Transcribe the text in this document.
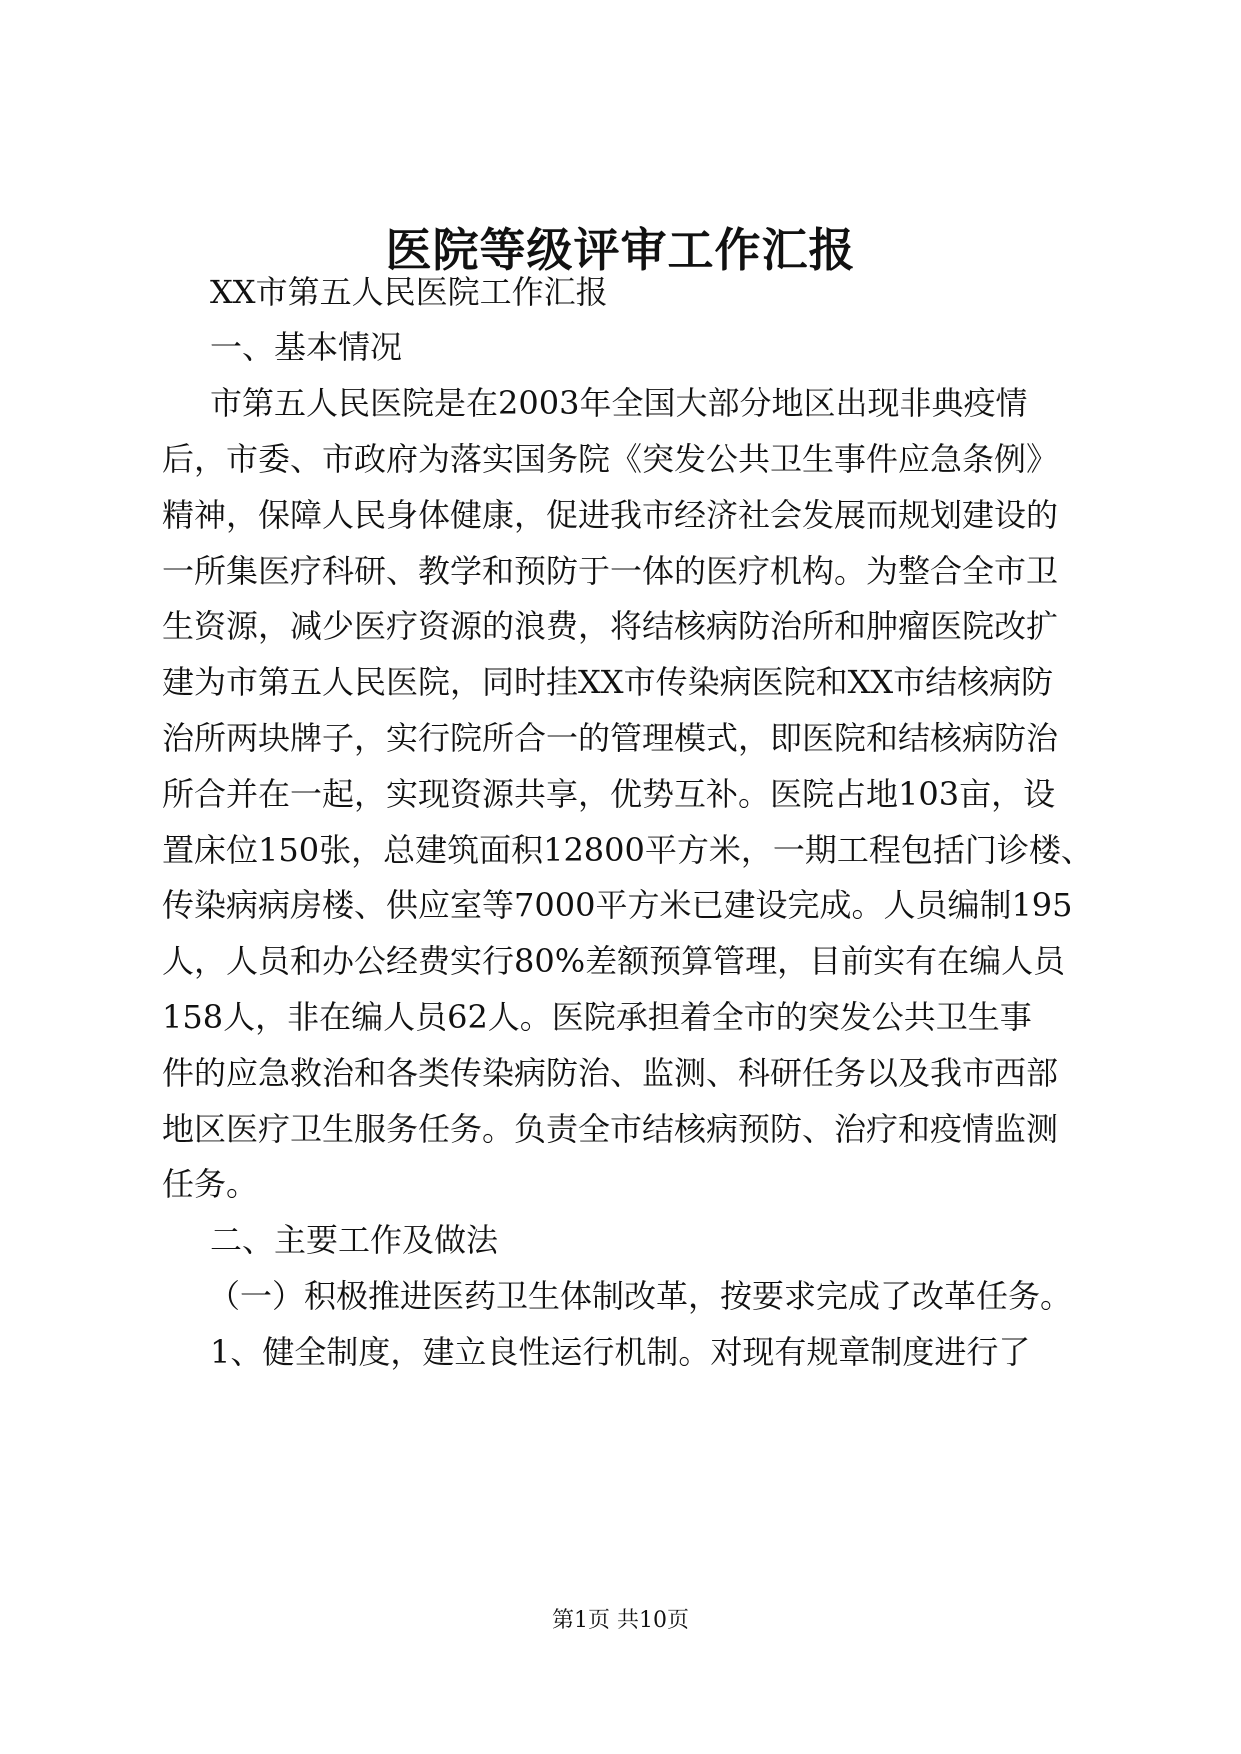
医院等级评审工作汇报

XX市第五人民医院工作汇报

一、基本情况

市第五人民医院是在2003年全国大部分地区出现非典疫情

后，市委、市政府为落实国务院《突发公共卫生事件应急条例》

精神，保障人民身体健康，促进我市经济社会发展而规划建设的

一所集医疗科研、教学和预防于一体的医疗机构。为整合全市卫

生资源，减少医疗资源的浪费，将结核病防治所和肿瘤医院改扩

建为市第五人民医院，同时挂XX市传染病医院和XX市结核病防

治所两块牌子，实行院所合一的管理模式，即医院和结核病防治

所合并在一起，实现资源共享，优势互补。医院占地103亩，设

置床位150张，总建筑面积12800平方米，一期工程包括门诊楼、

传染病病房楼、供应室等7000平方米已建设完成。人员编制195

人，人员和办公经费实行80%差额预算管理，目前实有在编人员

158人，非在编人员62人。医院承担着全市的突发公共卫生事

件的应急救治和各类传染病防治、监测、科研任务以及我市西部

地区医疗卫生服务任务。负责全市结核病预防、治疗和疫情监测

任务。

二、主要工作及做法

（一）积极推进医药卫生体制改革，按要求完成了改革任务。

1、健全制度，建立良性运行机制。对现有规章制度进行了

第1页 共10页
